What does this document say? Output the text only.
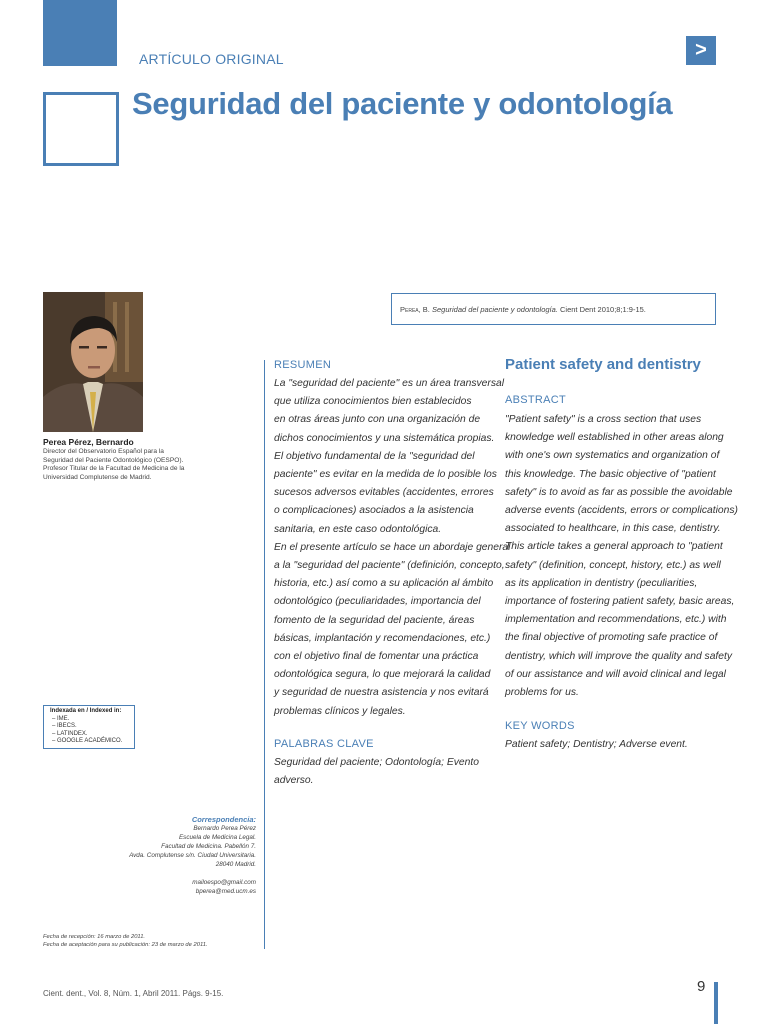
ARTÍCULO ORIGINAL
Seguridad del paciente y odontología
>
Perea Pérez, Bernardo
Director del Observatorio Español para la
Seguridad del Paciente Odontológico (OESPO).
Profesor Titular de la Facultad de Medicina de la
Universidad Complutense de Madrid.
Indexada en / Indexed in:
– IME.
– IBECS.
– LATINDEX.
– GOOGLE ACADÉMICO.
Correspondencia:
Bernardo Perea Pérez
Escuela de Medicina Legal.
Facultad de Medicina. Pabellón 7.
Avda. Complutense s/n. Ciudad Universitaria.
28040 Madrid.
mailoespo@gmail.com
bperea@med.ucm.es
Fecha de recepción: 16 marzo de 2011.
Fecha de aceptación para su publicación: 23 de marzo de 2011.
Perea, B. Seguridad del paciente y odontología. Cient Dent 2010;8;1:9-15.
RESUMEN
La "seguridad del paciente" es un área transversal
que utiliza conocimientos bien establecidos
en otras áreas junto con una organización de
dichos conocimientos y una sistemática propias.
El objetivo fundamental de la "seguridad del
paciente" es evitar en la medida de lo posible los
sucesos adversos evitables (accidentes, errores
o complicaciones) asociados a la asistencia
sanitaria, en este caso odontológica.
En el presente artículo se hace un abordaje general
a la "seguridad del paciente" (definición, concepto,
historia, etc.) así como a su aplicación al ámbito
odontológico (peculiaridades, importancia del
fomento de la seguridad del paciente, áreas
básicas, implantación y recomendaciones, etc.)
con el objetivo final de fomentar una práctica
odontológica segura, lo que mejorará la calidad
y seguridad de nuestra asistencia y nos evitará
problemas clínicos y legales.
PALABRAS CLAVE
Seguridad del paciente; Odontología; Evento
adverso.
Patient safety and dentistry
ABSTRACT
"Patient safety" is a cross section that uses
knowledge well established in other areas along
with one's own systematics and organization of
this knowledge. The basic objective of "patient
safety" is to avoid as far as possible the avoidable
adverse events (accidents, errors or complications)
associated to healthcare, in this case, dentistry.
This article takes a general approach to "patient
safety" (definition, concept, history, etc.) as well
as its application in dentistry (peculiarities,
importance of fostering patient safety, basic areas,
implementation and recommendations, etc.) with
the final objective of promoting safe practice of
dentistry, which will improve the quality and safety
of our assistance and will avoid clinical and legal
problems for us.
KEY WORDS
Patient safety; Dentistry; Adverse event.
Cient. dent., Vol. 8, Núm. 1, Abril 2011. Págs. 9-15.	9
